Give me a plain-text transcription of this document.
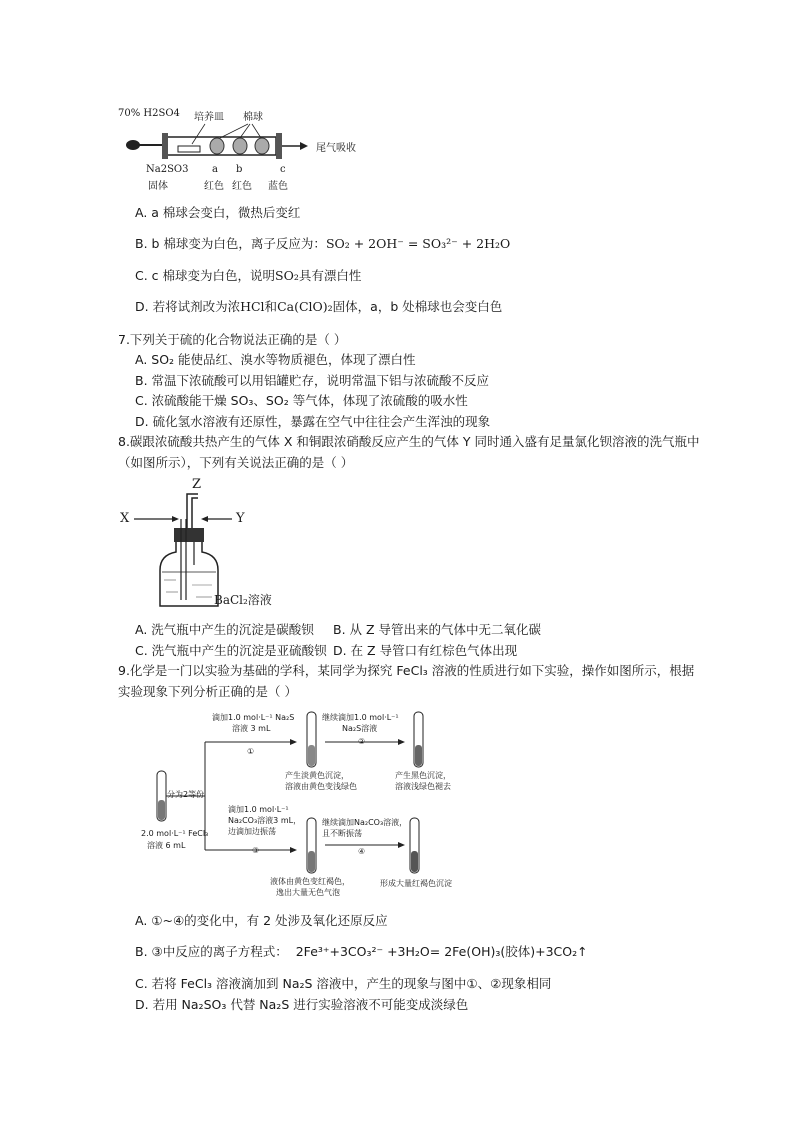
70% H2SO4 培养皿 棉球
尾气吸收
Na2SO3
固体
a b	c
红色 红色 蓝色
A. a 棉球会变白，微热后变红
B. b 棉球变为白色，离子反应为：SO₂ + 2OH⁻ = SO₃²⁻ + 2H₂O
C. c 棉球变为白色，说明SO₂具有漂白性
D. 若将试剂改为浓HCl和Ca(ClO)₂固体，a，b 处棉球也会变白色
7.下列关于硫的化合物说法正确的是（ ）
A. SO₂ 能使品红、溴水等物质褪色，体现了漂白性
B. 常温下浓硫酸可以用铝罐贮存，说明常温下铝与浓硫酸不反应
C. 浓硫酸能干燥 SO₃、SO₂ 等气体，体现了浓硫酸的吸水性
D. 硫化氢水溶液有还原性，暴露在空气中往往会产生浑浊的现象
8.碳跟浓硫酸共热产生的气体 X 和铜跟浓硝酸反应产生的气体 Y 同时通入盛有足量氯化钡溶液的洗气瓶中
（如图所示），下列有关说法正确的是（ ）
Z
X	Y
BaCl₂溶液
A. 洗气瓶中产生的沉淀是碳酸钡 B. 从 Z 导管出来的气体中无二氧化碳
C. 洗气瓶中产生的沉淀是亚硫酸钡 D. 在 Z 导管口有红棕色气体出现
9.化学是一门以实验为基础的学科，某同学为探究 FeCl₃ 溶液的性质进行如下实验，操作如图所示，根据
实验现象下列分析正确的是（ ）
分为2等份
2.0 mol·L⁻¹ FeCl₃
溶液 6 mL
滴加1.0 mol·L⁻¹ Na₂S
溶液 3 mL
①
继续滴加1.0 mol·L⁻¹
Na₂S溶液
②
产生淡黄色沉淀，
溶液由黄色变浅绿色
产生黑色沉淀，
溶液浅绿色褪去
滴加1.0 mol·L⁻¹
Na₂CO₃溶液3 mL，
边滴加边振荡
③
继续滴加Na₂CO₃溶液，
且不断振荡
④
液体由黄色变红褐色，
逸出大量无色气泡
形成大量红褐色沉淀
A. ①~④的变化中，有 2 处涉及氧化还原反应
B. ③中反应的离子方程式： 2Fe³⁺+3CO₃²⁻ +3H₂O= 2Fe(OH)₃(胶体)+3CO₂↑
C. 若将 FeCl₃ 溶液滴加到 Na₂S 溶液中，产生的现象与图中①、②现象相同
D. 若用 Na₂SO₃ 代替 Na₂S 进行实验溶液不可能变成淡绿色
